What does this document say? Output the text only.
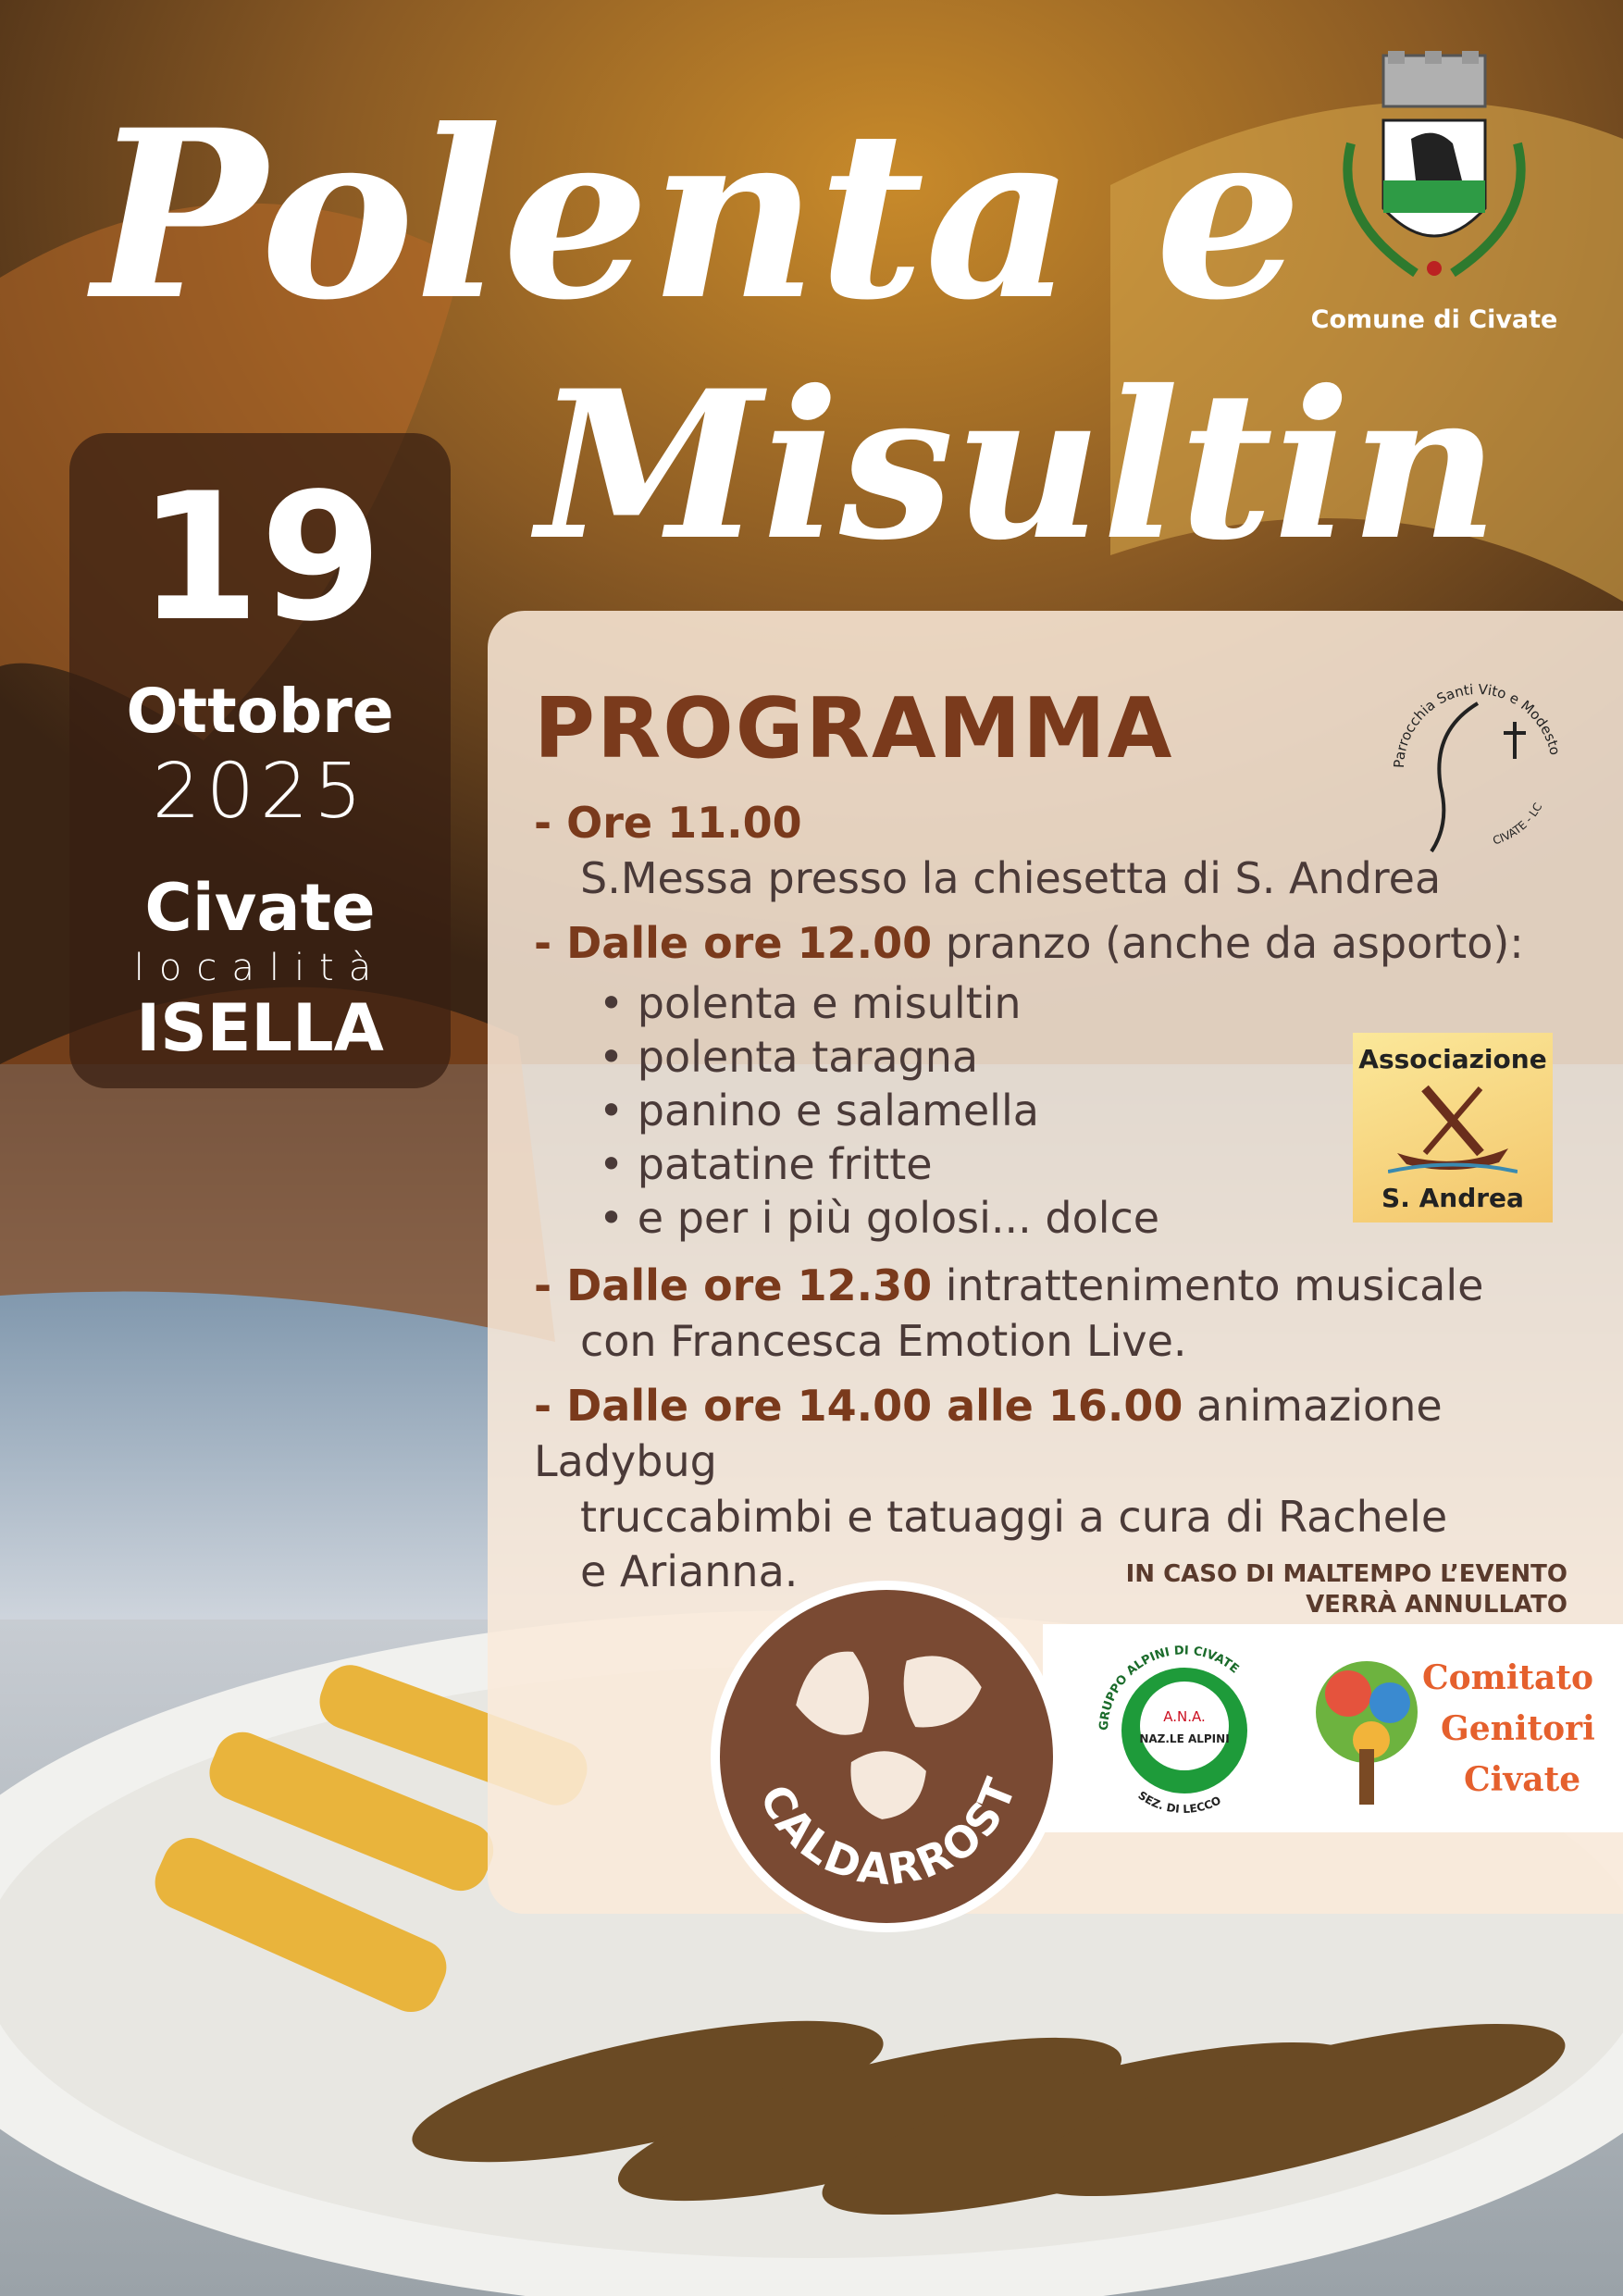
Polenta e
Misultin
Comune di Civate
19
Ottobre
2025
Civate
località
ISELLA
PROGRAMMA	Parrocchia Santi Vito e Modesto
CIVATE - LC
- Ore 11.00
S.Messa presso la chiesetta di S. Andrea
- Dalle ore 12.00 pranzo (anche da asporto):
• polenta e misultin
• polenta taragna
• panino e salamella
• patatine fritte
• e per i più golosi... dolce
Associazione
S. Andrea
- Dalle ore 12.30 intrattenimento musicale
con Francesca Emotion Live.
- Dalle ore 14.00 alle 16.00 animazione Ladybug
truccabimbi e tatuaggi a cura di Rachele
e Arianna.	IN CASO DI MALTEMPO L’EVENTO
VERRÀ ANNULLATO
A.N.A.
NAZ.LE ALPINI
GRUPPO ALPINI DI CIVATE
SEZ. DI LECCO
Comitato
Genitori
Civate
CALDARROST
